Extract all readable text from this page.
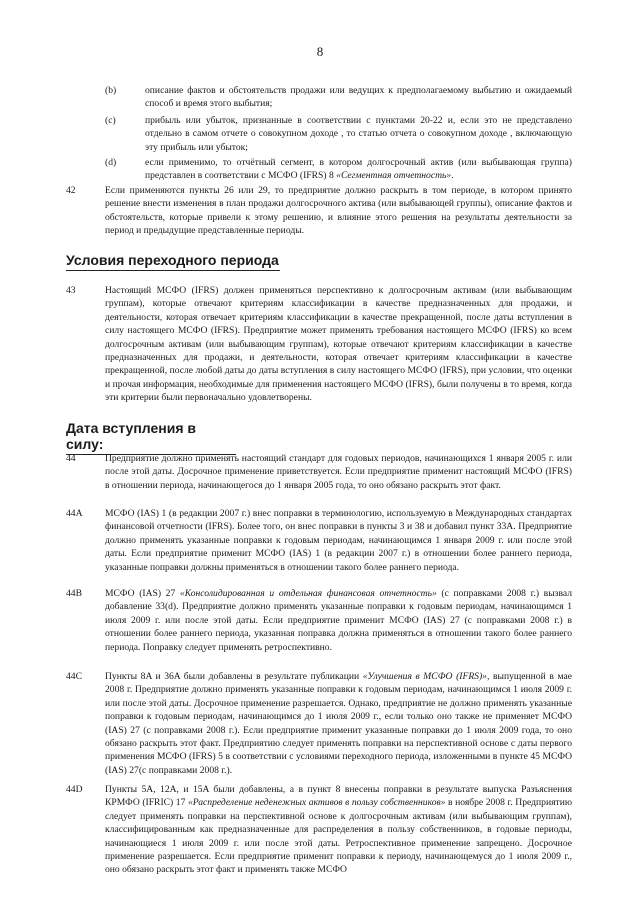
8
(b)	описание фактов и обстоятельств продажи или ведущих к предполагаемому выбытию и ожидаемый способ и время этого выбытия;
(c)	прибыль или убыток, признанные в соответствии с пунктами 20-22 и, если это не представлено отдельно в самом отчете о совокупном доходе , то статью отчета о совокупном доходе , включающую эту прибыль или убыток;
(d)	если применимо, то отчётный сегмент, в котором долгосрочный актив (или выбывающая группа) представлен в соответствии с МСФО (IFRS) 8 «Сегментная отчетность».
42	Если применяются пункты 26 или 29, то предприятие должно раскрыть в том периоде, в котором принято решение внести изменения в план продажи долгосрочного актива (или выбывающей группы), описание фактов и обстоятельств, которые привели к этому решению, и влияние этого решения на результаты деятельности за период и предыдущие представленные периоды.
Условия переходного периода
43	Настоящий МСФО (IFRS) должен применяться перспективно к долгосрочным активам (или выбывающим группам), которые отвечают критериям классификации в качестве предназначенных для продажи, и деятельности, которая отвечает критериям классификации в качестве прекращенной, после даты вступления в силу настоящего МСФО (IFRS). Предприятие может применять требования настоящего МСФО (IFRS) ко всем долгосрочным активам (или выбывающим группам), которые отвечают критериям классификации в качестве предназначенных для продажи, и деятельности, которая отвечает критериям классификации в качестве прекращенной, после любой даты до даты вступления в силу настоящего МСФО (IFRS), при условии, что оценки и прочая информация, необходимые для применения настоящего МСФО (IFRS), были получены в то время, когда эти критерии были первоначально удовлетворены.
Дата вступления в силу:
44	Предприятие должно применять настоящий стандарт для годовых периодов, начинающихся 1 января 2005 г. или после этой даты. Досрочное применение приветствуется. Если предприятие применит настоящий МСФО (IFRS) в отношении периода, начинающегося до 1 января 2005 года, то оно обязано раскрыть этот факт.
44A МСФО (IAS) 1 (в редакции 2007 г.) внес поправки в терминологию, используемую в Международных стандартах финансовой отчетности (IFRS). Более того, он внес поправки в пункты 3 и 38 и добавил пункт 33A. Предприятие должно применять указанные поправки к годовым периодам, начинающимся 1 января 2009 г. или после этой даты. Если предприятие применит МСФО (IAS) 1 (в редакции 2007 г.) в отношении более раннего периода, указанные поправки должны применяться в отношении такого более раннего периода.
44B МСФО (IAS) 27 «Консолидированная и отдельная финансовая отчетность» (с поправками 2008 г.) вызвал добавление 33(d). Предприятие должно применять указанные поправки к годовым периодам, начинающимся 1 июля 2009 г. или после этой даты. Если предприятие применит МСФО (IAS) 27 (с поправками 2008 г.) в отношении более раннего периода, указанная поправка должна применяться в отношении такого более раннего периода. Поправку следует применять ретроспективно.
44C Пункты 8A и 36A были добавлены в результате публикации «Улучшения в МСФО (IFRS)», выпущенной в мае 2008 г. Предприятие должно применять указанные поправки к годовым периодам, начинающимся 1 июля 2009 г. или после этой даты. Досрочное применение разрешается. Однако, предприятие не должно применять указанные поправки к годовым периодам, начинающимся до 1 июля 2009 г., если только оно также не применяет МСФО (IAS) 27 (с поправками 2008 г.). Если предприятие применит указанные поправки до 1 июля 2009 года, то оно обязано раскрыть этот факт. Предприятию следует применять поправки на перспективной основе с даты первого применения МСФО (IFRS) 5 в соответствии с условиями переходного периода, изложенными в пункте 45 МСФО (IAS) 27(с поправками 2008 г.).
44D Пункты 5A, 12A, и 15A были добавлены, а в пункт 8 внесены поправки в результате выпуска Разъяснения КРМФО (IFRIC) 17 «Распределение неденежных активов в пользу собственников» в ноябре 2008 г. Предприятию следует применять поправки на перспективной основе к долгосрочным активам (или выбывающим группам), классифицированным как предназначенные для распределения в пользу собственников, в годовые периоды, начинающиеся 1 июля 2009 г. или после этой даты. Ретроспективное применение запрещено. Досрочное применение разрешается. Если предприятие применит поправки к периоду, начинающемуся до 1 июля 2009 г., оно обязано раскрыть этот факт и применять также МСФО
